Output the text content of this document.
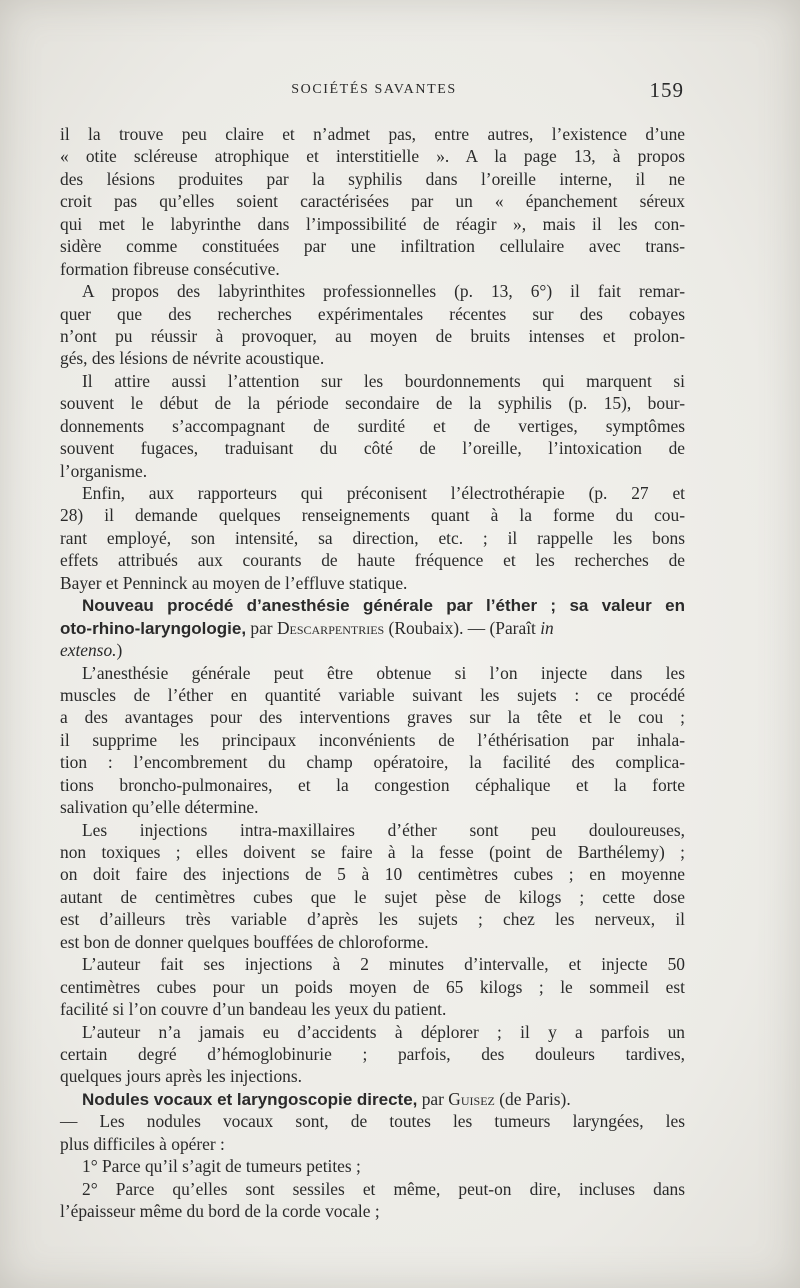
SOCIÉTÉS SAVANTES	159
il la trouve peu claire et n’admet pas, entre autres, l’existence d’une
« otite scléreuse atrophique et interstitielle ». A la page 13, à propos
des lésions produites par la syphilis dans l’oreille interne, il ne
croit pas qu’elles soient caractérisées par un « épanchement séreux
qui met le labyrinthe dans l’impossibilité de réagir », mais il les con-
sidère comme constituées par une infiltration cellulaire avec trans-
formation fibreuse consécutive.
A propos des labyrinthites professionnelles (p. 13, 6°) il fait remar-
quer que des recherches expérimentales récentes sur des cobayes
n’ont pu réussir à provoquer, au moyen de bruits intenses et prolon-
gés, des lésions de névrite acoustique.
Il attire aussi l’attention sur les bourdonnements qui marquent si
souvent le début de la période secondaire de la syphilis (p. 15), bour-
donnements s’accompagnant de surdité et de vertiges, symptômes
souvent fugaces, traduisant du côté de l’oreille, l’intoxication de
l’organisme.
Enfin, aux rapporteurs qui préconisent l’électrothérapie (p. 27 et
28) il demande quelques renseignements quant à la forme du cou-
rant employé, son intensité, sa direction, etc. ; il rappelle les bons
effets attribués aux courants de haute fréquence et les recherches de
Bayer et Penninck au moyen de l’effluve statique.
Nouveau procédé d’anesthésie générale par l’éther ; sa valeur en
oto-rhino-laryngologie, par Descarpentries (Roubaix). — (Paraît in
extenso.)
L’anesthésie générale peut être obtenue si l’on injecte dans les
muscles de l’éther en quantité variable suivant les sujets : ce procédé
a des avantages pour des interventions graves sur la tête et le cou ;
il supprime les principaux inconvénients de l’éthérisation par inhala-
tion : l’encombrement du champ opératoire, la facilité des complica-
tions broncho-pulmonaires, et la congestion céphalique et la forte
salivation qu’elle détermine.
Les injections intra-maxillaires d’éther sont peu douloureuses,
non toxiques ; elles doivent se faire à la fesse (point de Barthélemy) ;
on doit faire des injections de 5 à 10 centimètres cubes ; en moyenne
autant de centimètres cubes que le sujet pèse de kilogs ; cette dose
est d’ailleurs très variable d’après les sujets ; chez les nerveux, il
est bon de donner quelques bouffées de chloroforme.
L’auteur fait ses injections à 2 minutes d’intervalle, et injecte 50
centimètres cubes pour un poids moyen de 65 kilogs ; le sommeil est
facilité si l’on couvre d’un bandeau les yeux du patient.
L’auteur n’a jamais eu d’accidents à déplorer ; il y a parfois un
certain degré d’hémoglobinurie ; parfois, des douleurs tardives,
quelques jours après les injections.
Nodules vocaux et laryngoscopie directe, par Guisez (de Paris).
— Les nodules vocaux sont, de toutes les tumeurs laryngées, les
plus difficiles à opérer :
1° Parce qu’il s’agit de tumeurs petites ;
2° Parce qu’elles sont sessiles et même, peut-on dire, incluses dans
l’épaisseur même du bord de la corde vocale ;
